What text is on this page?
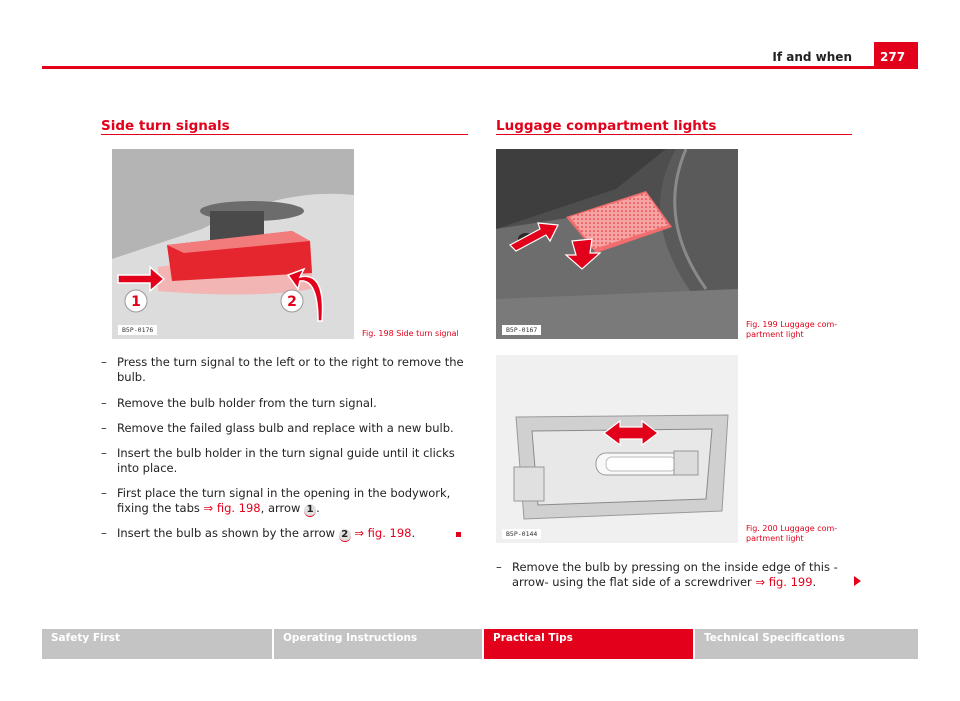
If and when	277
Side turn signals
1	2
B5P-0176	Fig. 198 Side turn signal
– Press the turn signal to the left or to the right to remove the bulb.
– Remove the bulb holder from the turn signal.
– Remove the failed glass bulb and replace with a new bulb.
– Insert the bulb holder in the turn signal guide until it clicks into place.
– First place the turn signal in the opening in the bodywork, fixing the tabs ⇒ fig. 198, arrow 1 .
– Insert the bulb as shown by the arrow 2 ⇒ fig. 198.
Luggage compartment lights
B5P-0167
Fig. 199 Luggage com-
partment light
B5P-0144
Fig. 200 Luggage com-
partment light
– Remove the bulb by pressing on the inside edge of this -arrow- using the flat side of a screwdriver ⇒ fig. 199.
Safety First	Operating Instructions	Practical Tips	Technical Specifications
